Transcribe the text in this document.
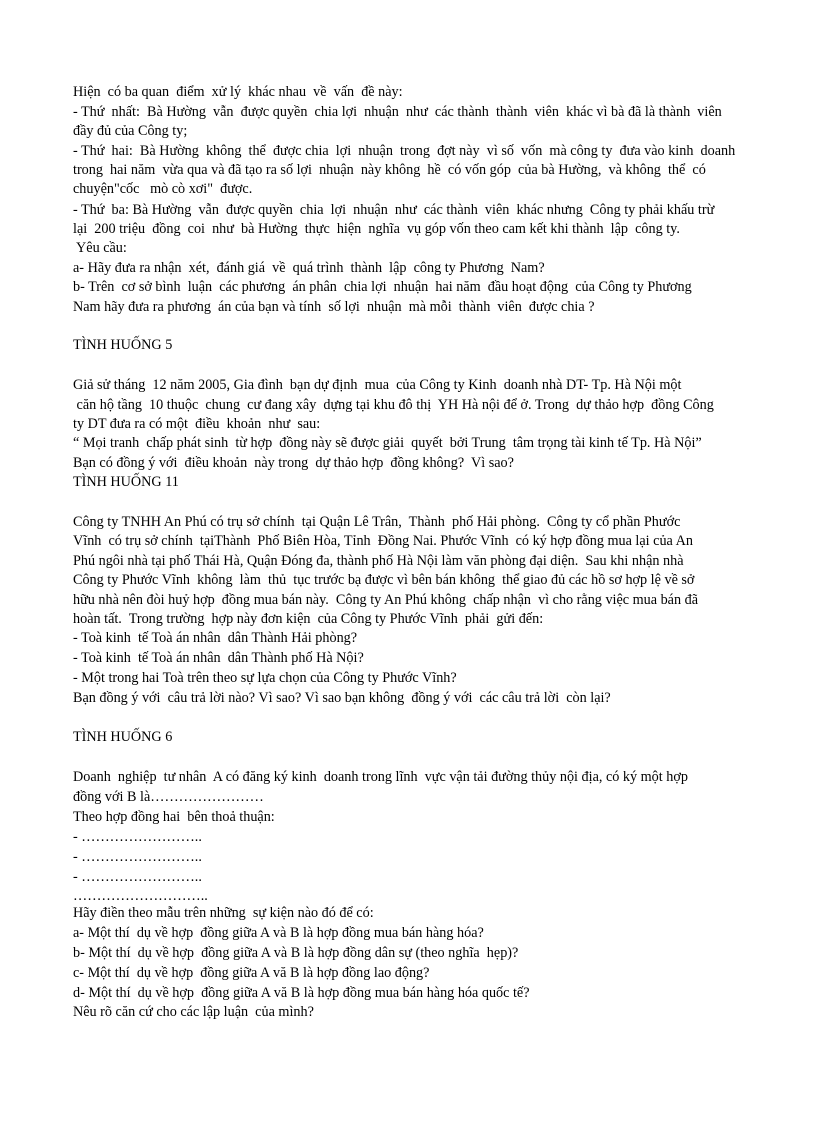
Hiện  có ba quan  điểm  xử lý  khác nhau  về  vấn  đề này:
- Thứ  nhất:  Bà Hường  vẫn  được quyền  chia lợi  nhuận  như  các thành  thành  viên  khác vì bà đã là thành  viên
đầy đủ của Công ty;
- Thứ  hai:  Bà Hường  không  thể  được chia  lợi  nhuận  trong  đợt này  vì số  vốn  mà công ty  đưa vào kinh  doanh
trong  hai năm  vừa qua và đã tạo ra số lợi  nhuận  này không  hề  có vốn góp  của bà Hường,  và không  thể  có
chuyện"cốc   mò cò xơi"  được.
- Thứ  ba: Bà Hường  vẫn  được quyền  chia  lợi  nhuận  như  các thành  viên  khác nhưng  Công ty phải khấu trừ
lại  200 triệu  đồng  coi  như  bà Hường  thực  hiện  nghĩa  vụ góp vốn theo cam kết khi thành  lập  công ty.
Yêu cầu:
a- Hãy đưa ra nhận  xét,  đánh giá  về  quá trình  thành  lập  công ty Phương  Nam?
b- Trên  cơ sở bình  luận  các phương  án phân  chia lợi  nhuận  hai năm  đầu hoạt động  của Công ty Phương
Nam hãy đưa ra phương  án của bạn và tính  số lợi  nhuận  mà mỗi  thành  viên  được chia ?
TÌNH HUỐNG 5
Giả sử tháng  12 năm 2005, Gia đình  bạn dự định  mua  của Công ty Kinh  doanh nhà DT- Tp. Hà Nội một
căn hộ tầng  10 thuộc  chung  cư đang xây  dựng tại khu đô thị  YH Hà nội để ở. Trong  dự thảo hợp  đồng Công
ty DT đưa ra có một  điều  khoản  như  sau:
“ Mọi tranh  chấp phát sinh  từ hợp  đồng này sẽ được giải  quyết  bởi Trung  tâm trọng tài kinh tế Tp. Hà Nội”
Bạn có đồng ý với  điều khoản  này trong  dự thảo hợp  đồng không?  Vì sao?
TÌNH HUỐNG 11
Công ty TNHH An Phú có trụ sở chính  tại Quận Lê Trân,  Thành  phố Hải phòng.  Công ty cổ phần Phước
Vĩnh  có trụ sở chính  tạiThành  Phố Biên Hòa, Tỉnh  Đồng Nai. Phước Vĩnh  có ký hợp đồng mua lại của An
Phú ngôi nhà tại phố Thái Hà, Quận Đóng đa, thành phố Hà Nội làm văn phòng đại diện.  Sau khi nhận nhà
Công ty Phước Vĩnh  không  làm  thủ  tục trước bạ được vì bên bán không  thể giao đủ các hồ sơ hợp lệ về sở
hữu nhà nên đòi huỷ hợp  đồng mua bán này.  Công ty An Phú không  chấp nhận  vì cho rằng việc mua bán đã
hoàn tất.  Trong trường  hợp này đơn kiện  của Công ty Phước Vĩnh  phải  gửi đến:
- Toà kinh  tế Toà án nhân  dân Thành Hải phòng?
- Toà kinh  tế Toà án nhân  dân Thành phố Hà Nội?
- Một trong hai Toà trên theo sự lựa chọn của Công ty Phước Vĩnh?
Bạn đồng ý với  câu trả lời nào? Vì sao? Vì sao bạn không  đồng ý với  các câu trả lời  còn lại?
TÌNH HUỐNG 6
Doanh  nghiệp  tư nhân  A có đăng ký kinh  doanh trong lĩnh  vực vận tải đường thủy nội địa, có ký một hợp
đồng với B là……………………
Theo hợp đồng hai  bên thoả thuận:
- ……………………..
- ……………………..
- ……………………..
………………………..
Hãy điền theo mẫu trên những  sự kiện nào đó để có:
a- Một thí  dụ về hợp  đồng giữa A và B là hợp đồng mua bán hàng hóa?
b- Một thí  dụ về hợp  đồng giữa A và B là hợp đồng dân sự (theo nghĩa  hẹp)?
c- Một thí  dụ về hợp  đồng giữa A vă B là hợp đồng lao động?
d- Một thí  dụ về hợp  đồng giữa A vă B là hợp đồng mua bán hàng hóa quốc tế?
Nêu rõ căn cứ cho các lập luận  của mình?
